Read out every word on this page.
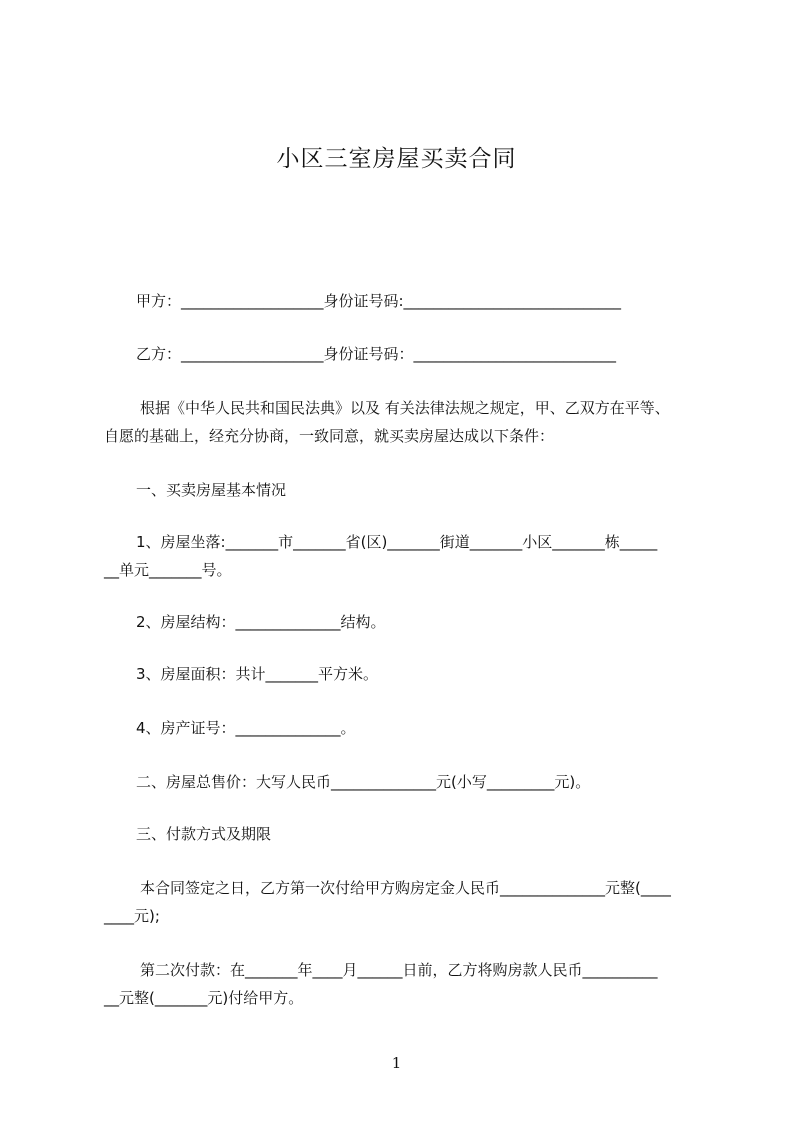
小区三室房屋买卖合同

甲方：___________________身份证号码:_____________________________

乙方：___________________身份证号码：___________________________

根据《中华人民共和国民法典》以及 有关法律法规之规定，甲、乙双方在平等、

自愿的基础上，经充分协商，一致同意，就买卖房屋达成以下条件：

一、买卖房屋基本情况

1、房屋坐落:_______市_______省(区)_______街道_______小区_______栋_____

__单元_______号。

2、房屋结构：______________结构。

3、房屋面积：共计_______平方米。

4、房产证号：______________。

二、房屋总售价：大写人民币______________元(小写_________元)。

三、付款方式及期限

本合同签定之日，乙方第一次付给甲方购房定金人民币______________元整(____

____元);

第二次付款：在_______年____月______日前，乙方将购房款人民币__________

__元整(_______元)付给甲方。

1
